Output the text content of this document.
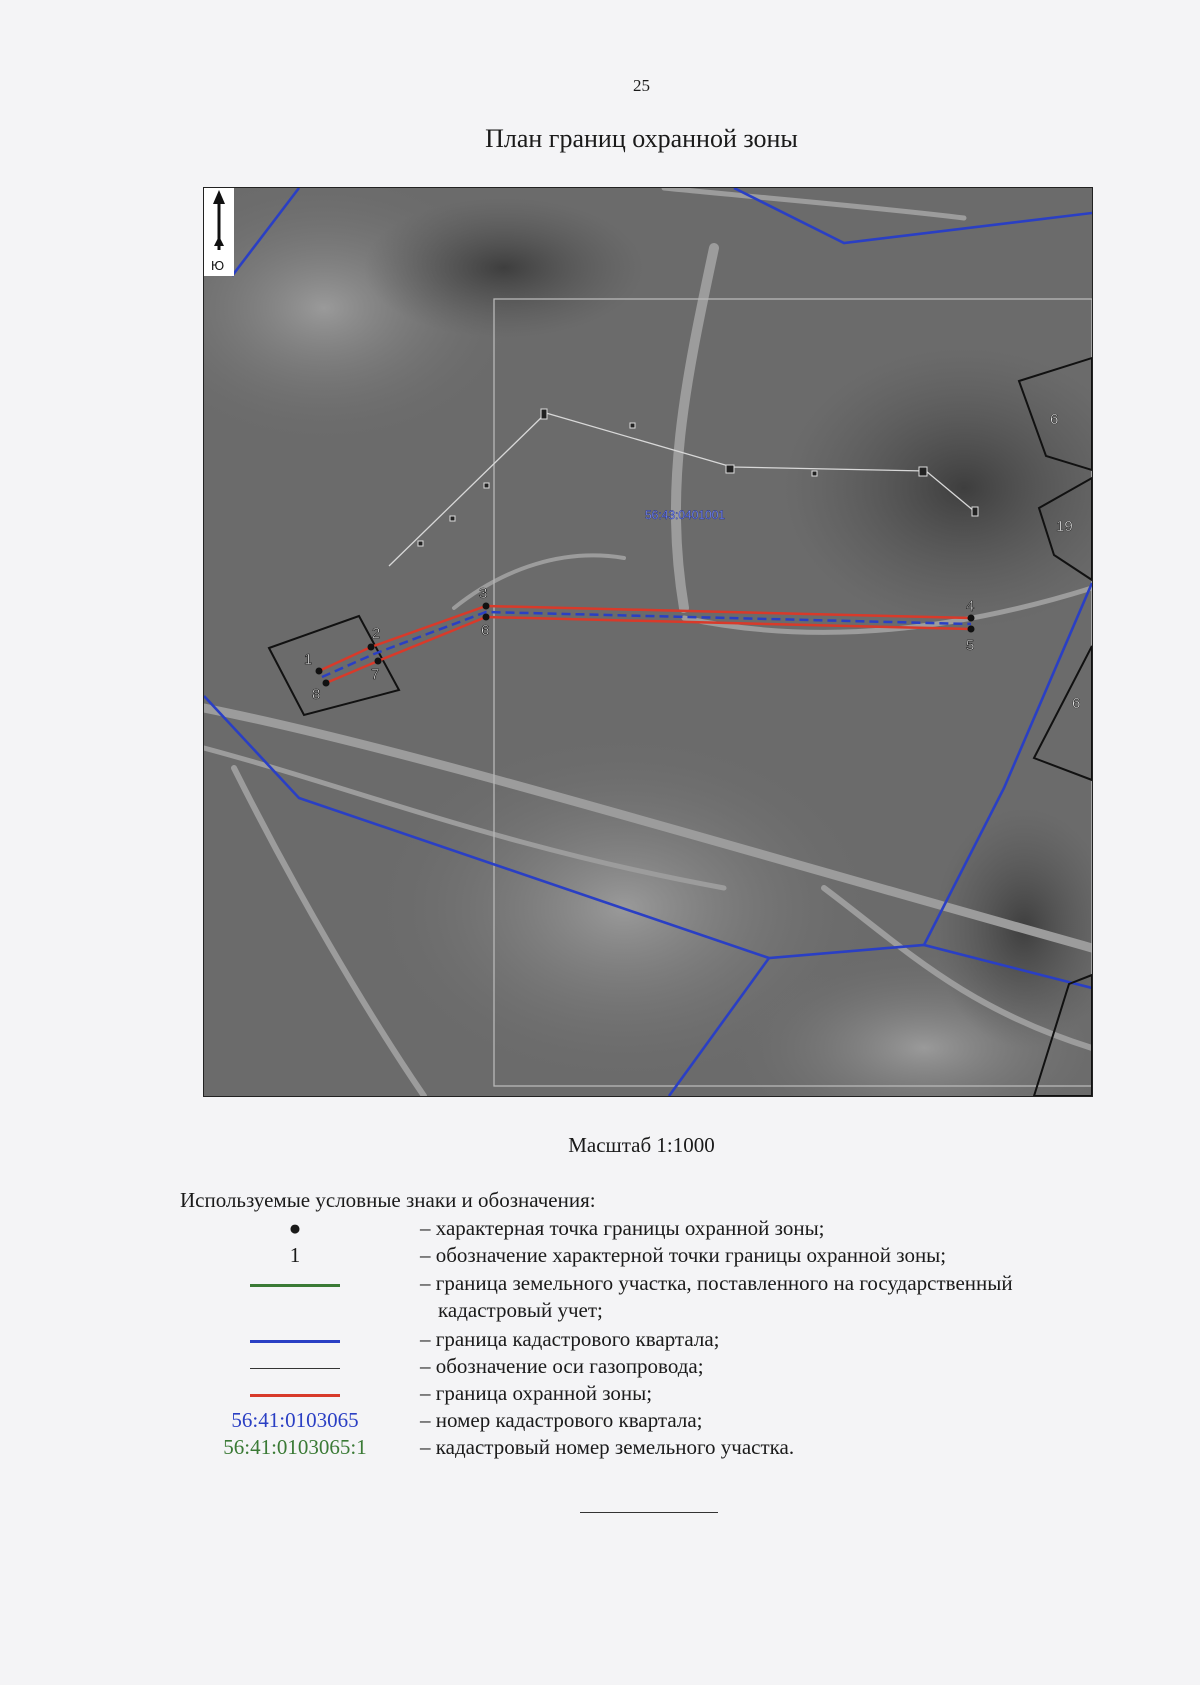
25
План границ охранной зоны
1
2
3
4
5
6
7
8
6
19
6
56:43:0401001
Ю
Масштаб 1:1000
Используемые условные знаки и обозначения:
●	– характерная точка границы охранной зоны;
1	– обозначение характерной точки границы охранной зоны;
– граница земельного участка, поставленного на государственный
кадастровый учет;
– граница кадастрового квартала;
– обозначение оси газопровода;
– граница охранной зоны;
56:41:0103065	– номер кадастрового квартала;
56:41:0103065:1	– кадастровый номер земельного участка.
